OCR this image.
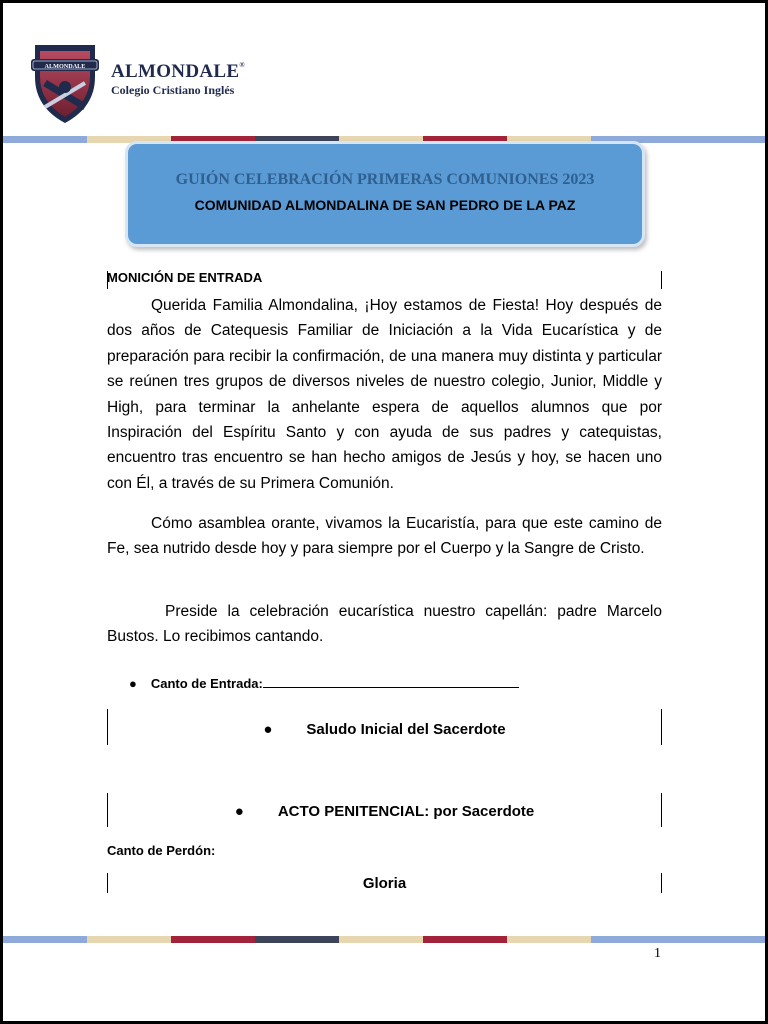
ALMONDALE ALMONDALE®
Colegio Cristiano Inglés
GUIÓN CELEBRACIÓN PRIMERAS COMUNIONES 2023
COMUNIDAD ALMONDALINA DE SAN PEDRO DE LA PAZ
MONICIÓN DE ENTRADA

Querida Familia Almondalina, ¡Hoy estamos de Fiesta! Hoy después de dos años de Catequesis Familiar de Iniciación a la Vida Eucarística y de preparación para recibir la confirmación, de una manera muy distinta y particular se reúnen tres grupos de diversos niveles de nuestro colegio, Junior, Middle y High, para terminar la anhelante espera de aquellos alumnos que por Inspiración del Espíritu Santo y con ayuda de sus padres y catequistas, encuentro tras encuentro se han hecho amigos de Jesús y hoy, se hacen uno con Él, a través de su Primera Comunión.

Cómo asamblea orante, vivamos la Eucaristía, para que este camino de Fe, sea nutrido desde hoy y para siempre por el Cuerpo y la Sangre de Cristo.

Preside la celebración eucarística nuestro capellán: padre Marcelo Bustos. Lo recibimos cantando.

● Canto de Entrada:
● Saludo Inicial del Sacerdote
● ACTO PENITENCIAL: por Sacerdote
Canto de Perdón:
Gloria
1
